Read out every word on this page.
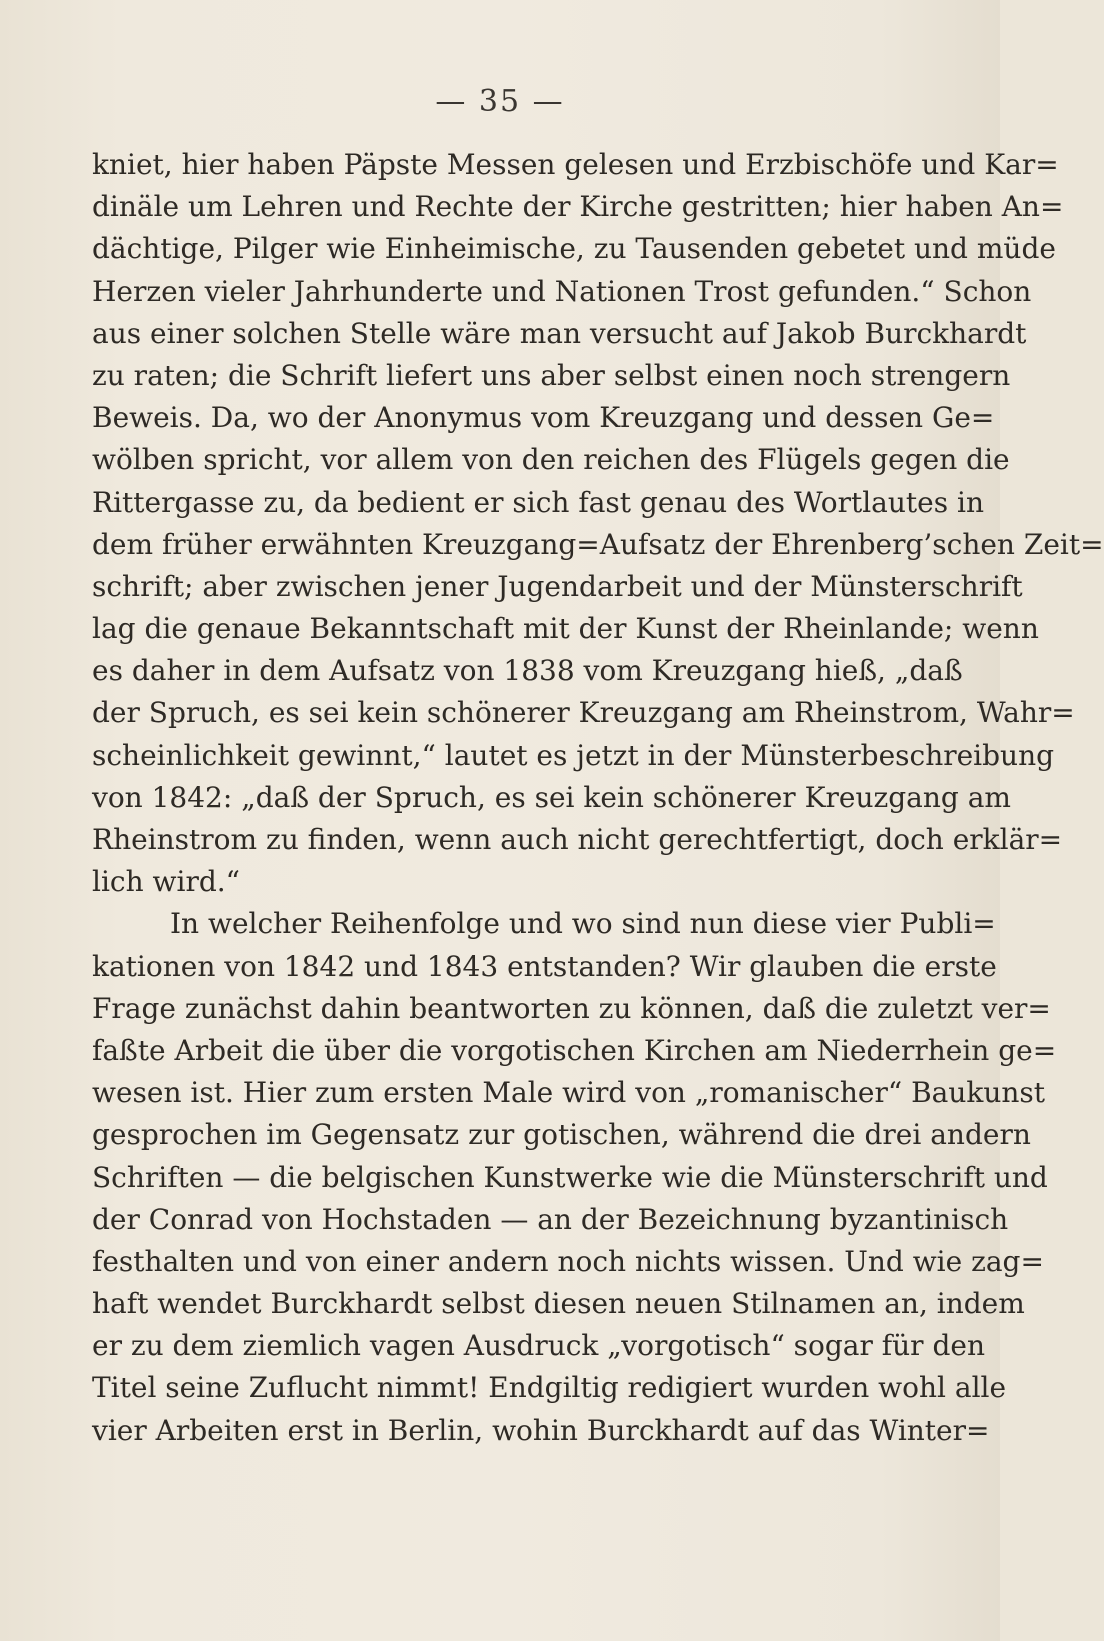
— 35 —
kniet, hier haben Päpste Messen gelesen und Erzbischöfe und Kar=
dinäle um Lehren und Rechte der Kirche gestritten; hier haben An=
dächtige, Pilger wie Einheimische, zu Tausenden gebetet und müde
Herzen vieler Jahrhunderte und Nationen Trost gefunden.“ Schon
aus einer solchen Stelle wäre man versucht auf Jakob Burckhardt
zu raten; die Schrift liefert uns aber selbst einen noch strengern
Beweis. Da, wo der Anonymus vom Kreuzgang und dessen Ge=
wölben spricht, vor allem von den reichen des Flügels gegen die
Rittergasse zu, da bedient er sich fast genau des Wortlautes in
dem früher erwähnten Kreuzgang=Aufsatz der Ehrenberg’schen Zeit=
schrift; aber zwischen jener Jugendarbeit und der Münsterschrift
lag die genaue Bekanntschaft mit der Kunst der Rheinlande; wenn
es daher in dem Aufsatz von 1838 vom Kreuzgang hieß, „daß
der Spruch, es sei kein schönerer Kreuzgang am Rheinstrom, Wahr=
scheinlichkeit gewinnt,“ lautet es jetzt in der Münsterbeschreibung
von 1842: „daß der Spruch, es sei kein schönerer Kreuzgang am
Rheinstrom zu finden, wenn auch nicht gerechtfertigt, doch erklär=
lich wird.“
In welcher Reihenfolge und wo sind nun diese vier Publi=
kationen von 1842 und 1843 entstanden? Wir glauben die erste
Frage zunächst dahin beantworten zu können, daß die zuletzt ver=
faßte Arbeit die über die vorgotischen Kirchen am Niederrhein ge=
wesen ist. Hier zum ersten Male wird von „romanischer“ Baukunst
gesprochen im Gegensatz zur gotischen, während die drei andern
Schriften — die belgischen Kunstwerke wie die Münsterschrift und
der Conrad von Hochstaden — an der Bezeichnung byzantinisch
festhalten und von einer andern noch nichts wissen. Und wie zag=
haft wendet Burckhardt selbst diesen neuen Stilnamen an, indem
er zu dem ziemlich vagen Ausdruck „vorgotisch“ sogar für den
Titel seine Zuflucht nimmt! Endgiltig redigiert wurden wohl alle
vier Arbeiten erst in Berlin, wohin Burckhardt auf das Winter=
